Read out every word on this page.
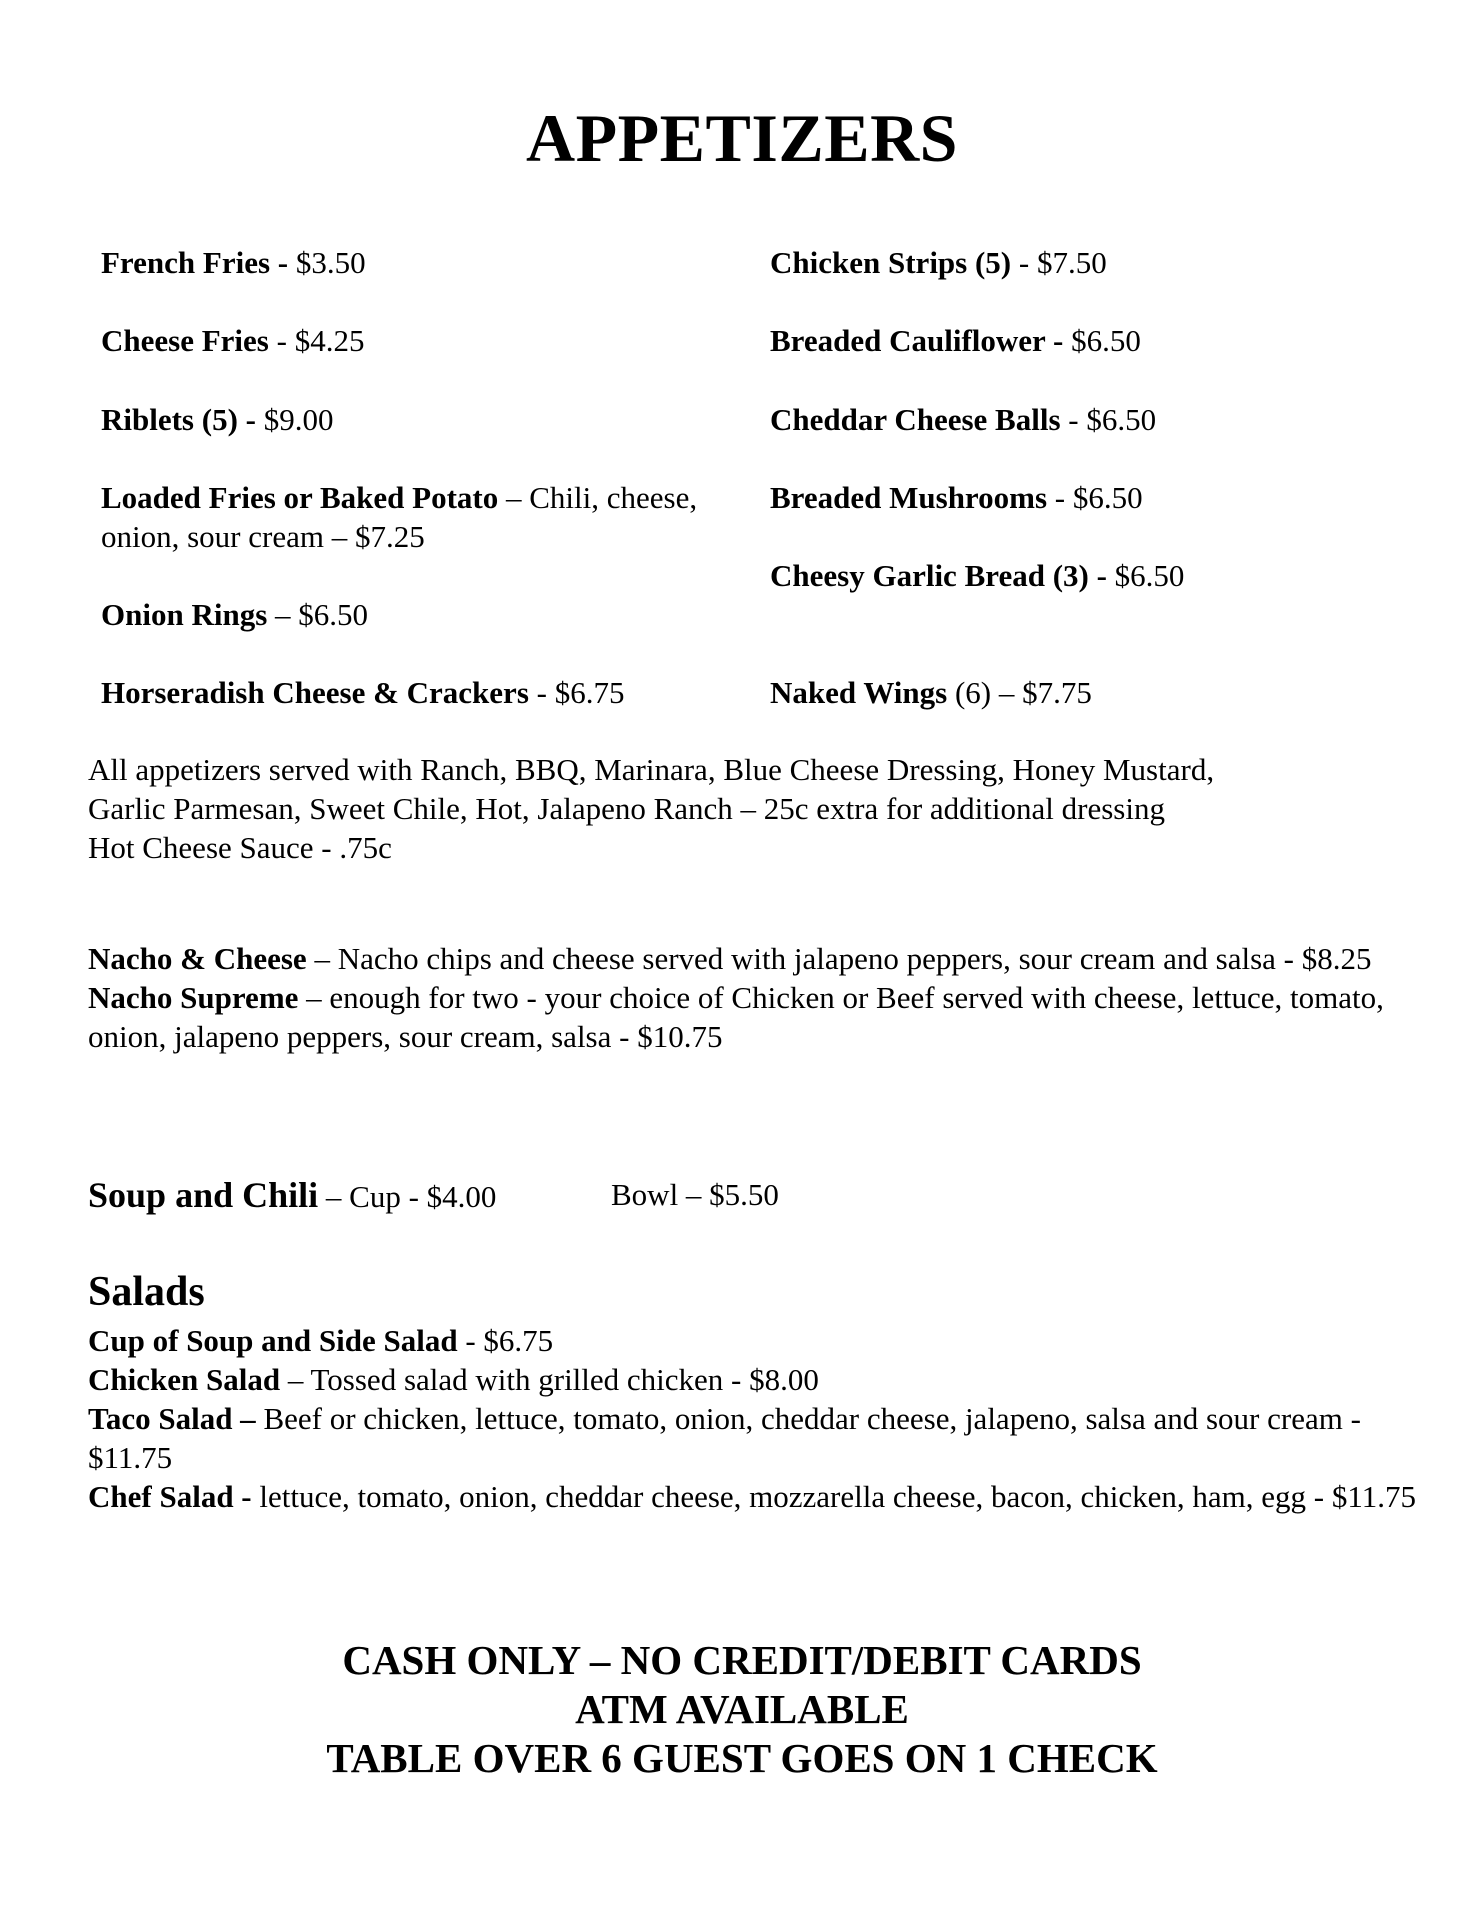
APPETIZERS
French Fries - $3.50
Cheese Fries - $4.25
Riblets (5) - $9.00
Loaded Fries or Baked Potato – Chili, cheese, onion, sour cream – $7.25
Onion Rings – $6.50
Horseradish Cheese & Crackers - $6.75
Chicken Strips (5) - $7.50
Breaded Cauliflower - $6.50
Cheddar Cheese Balls - $6.50
Breaded Mushrooms - $6.50
Cheesy Garlic Bread (3) - $6.50
Naked Wings (6) – $7.75
All appetizers served with Ranch, BBQ, Marinara, Blue Cheese Dressing, Honey Mustard,
Garlic Parmesan, Sweet Chile, Hot, Jalapeno Ranch – 25c extra for additional dressing
Hot Cheese Sauce - .75c
Nacho & Cheese – Nacho chips and cheese served with jalapeno peppers, sour cream and salsa - $8.25
Nacho Supreme – enough for two - your choice of Chicken or Beef served with cheese, lettuce, tomato, onion, jalapeno peppers, sour cream, salsa - $10.75
Soup and Chili – Cup - $4.00	Bowl – $5.50
Salads
Cup of Soup and Side Salad - $6.75
Chicken Salad – Tossed salad with grilled chicken - $8.00
Taco Salad – Beef or chicken, lettuce, tomato, onion, cheddar cheese, jalapeno, salsa and sour cream - $11.75
Chef Salad - lettuce, tomato, onion, cheddar cheese, mozzarella cheese, bacon, chicken, ham, egg - $11.75
CASH ONLY – NO CREDIT/DEBIT CARDS
ATM AVAILABLE
TABLE OVER 6 GUEST GOES ON 1 CHECK
